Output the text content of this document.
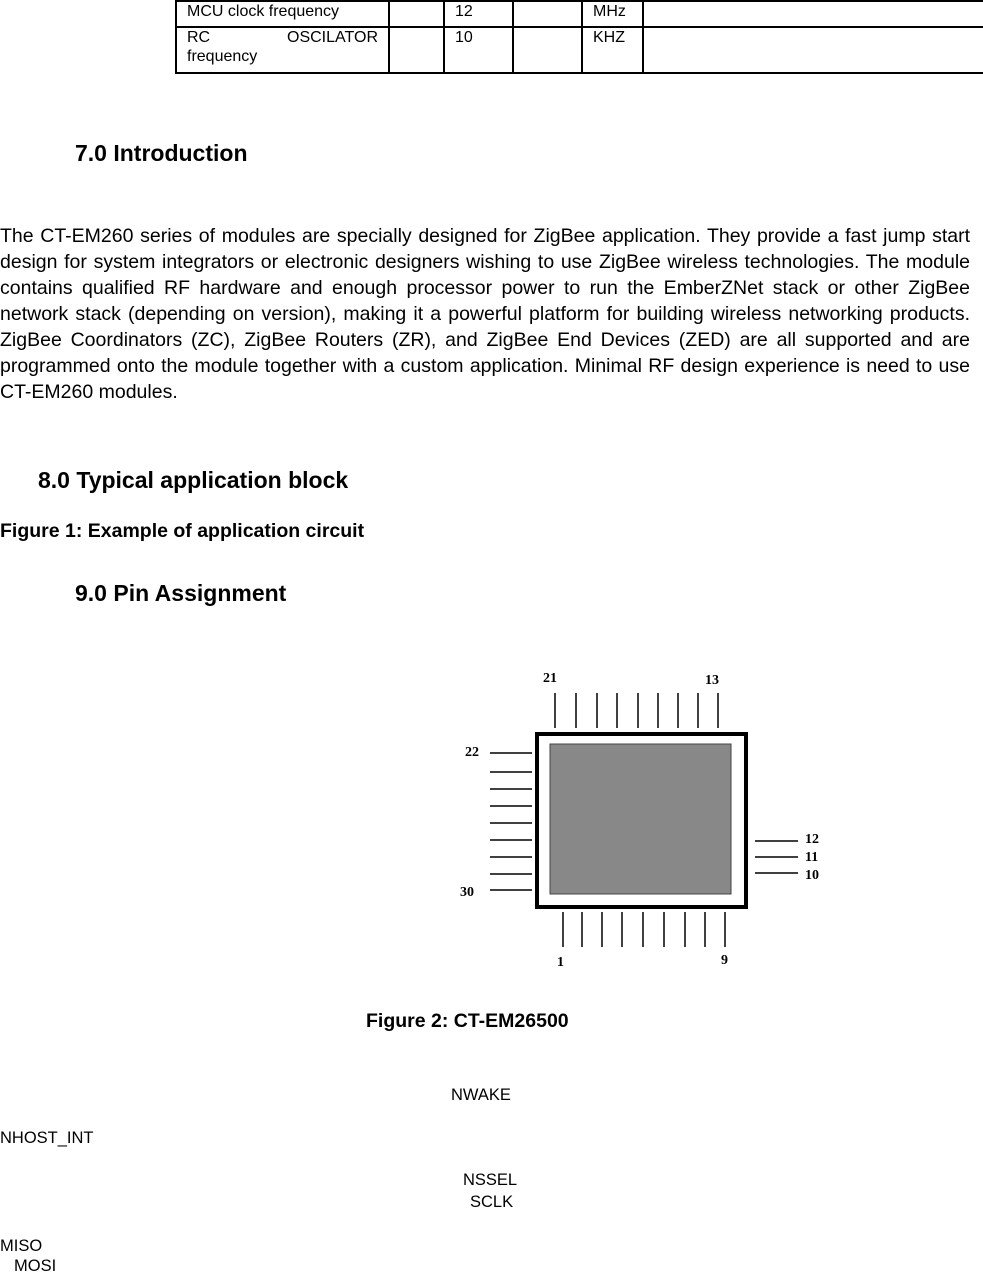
MCU clock frequency		12		MHz	
RC OSCILATOR frequency		10		KHZ	
7.0 Introduction
The CT-EM260 series of modules are specially designed for ZigBee application. They provide a fast jump start design for system integrators or electronic designers wishing to use ZigBee wireless technologies. The module contains qualified RF hardware and enough processor power to run the EmberZNet stack or other ZigBee network stack (depending on version), making it a powerful platform for building wireless networking products. ZigBee Coordinators (ZC), ZigBee Routers (ZR), and ZigBee End Devices (ZED) are all supported and are programmed onto the module together with a custom application. Minimal RF design experience is need to use CT-EM260 modules.
8.0 Typical application block
Figure 1: Example of application circuit
9.0 Pin Assignment
21	13
22
30
12
11
10
1	9
Figure 2: CT-EM26500
NWAKE
NHOST_INT
NSSEL
SCLK
MISO
MOSI
